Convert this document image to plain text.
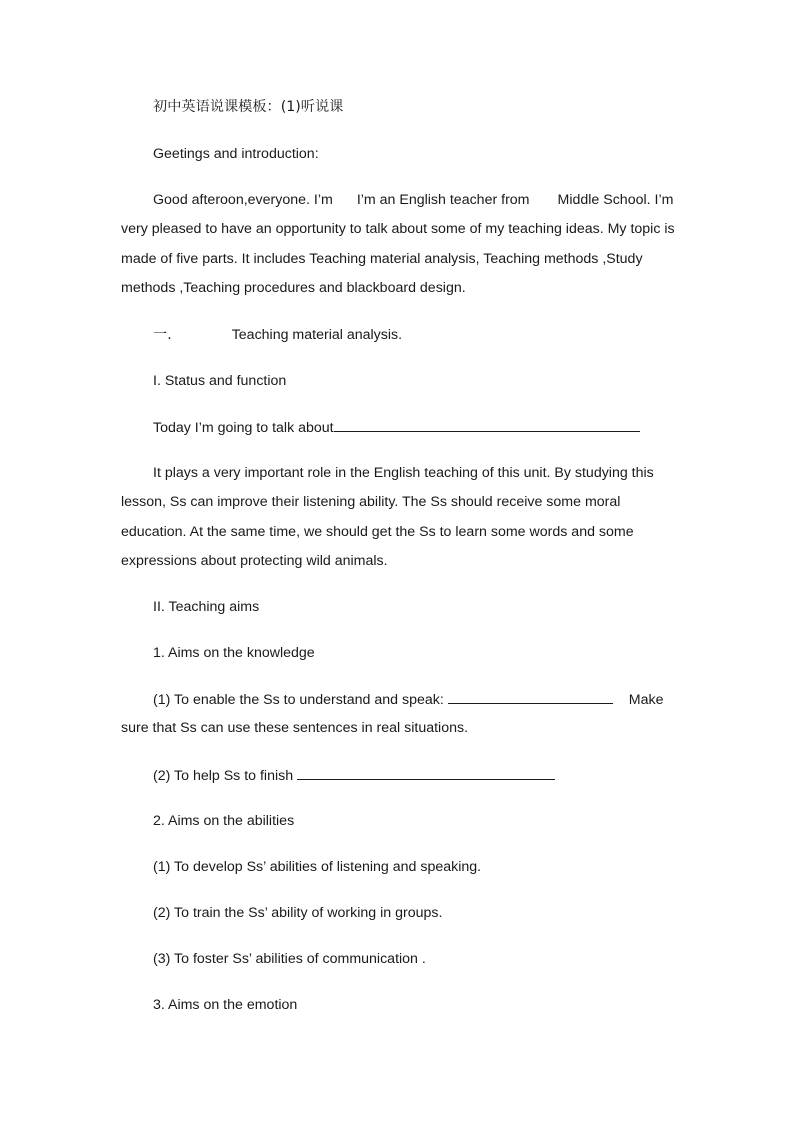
初中英语说课模板：(1)听说课
Geetings and introduction:
Good afteroon,everyone. I’m I’m an English teacher from Middle School. I’m
very pleased to have an opportunity to talk about some of my teaching ideas. My topic is
made of five parts. It includes Teaching material analysis, Teaching methods ,Study
methods ,Teaching procedures and blackboard design.
一.	Teaching material analysis.
I. Status and function
Today I’m going to talk about
It plays a very important role in the English teaching of this unit. By studying this
lesson, Ss can improve their listening ability. The Ss should receive some moral
education. At the same time, we should get the Ss to learn some words and some
expressions about protecting wild animals.
II. Teaching aims
1. Aims on the knowledge
(1) To enable the Ss to understand and speak:	Make
sure that Ss can use these sentences in real situations.
(2) To help Ss to finish
2. Aims on the abilities
(1) To develop Ss’ abilities of listening and speaking.
(2) To train the Ss’ ability of working in groups.
(3) To foster Ss’ abilities of communication .
3. Aims on the emotion
